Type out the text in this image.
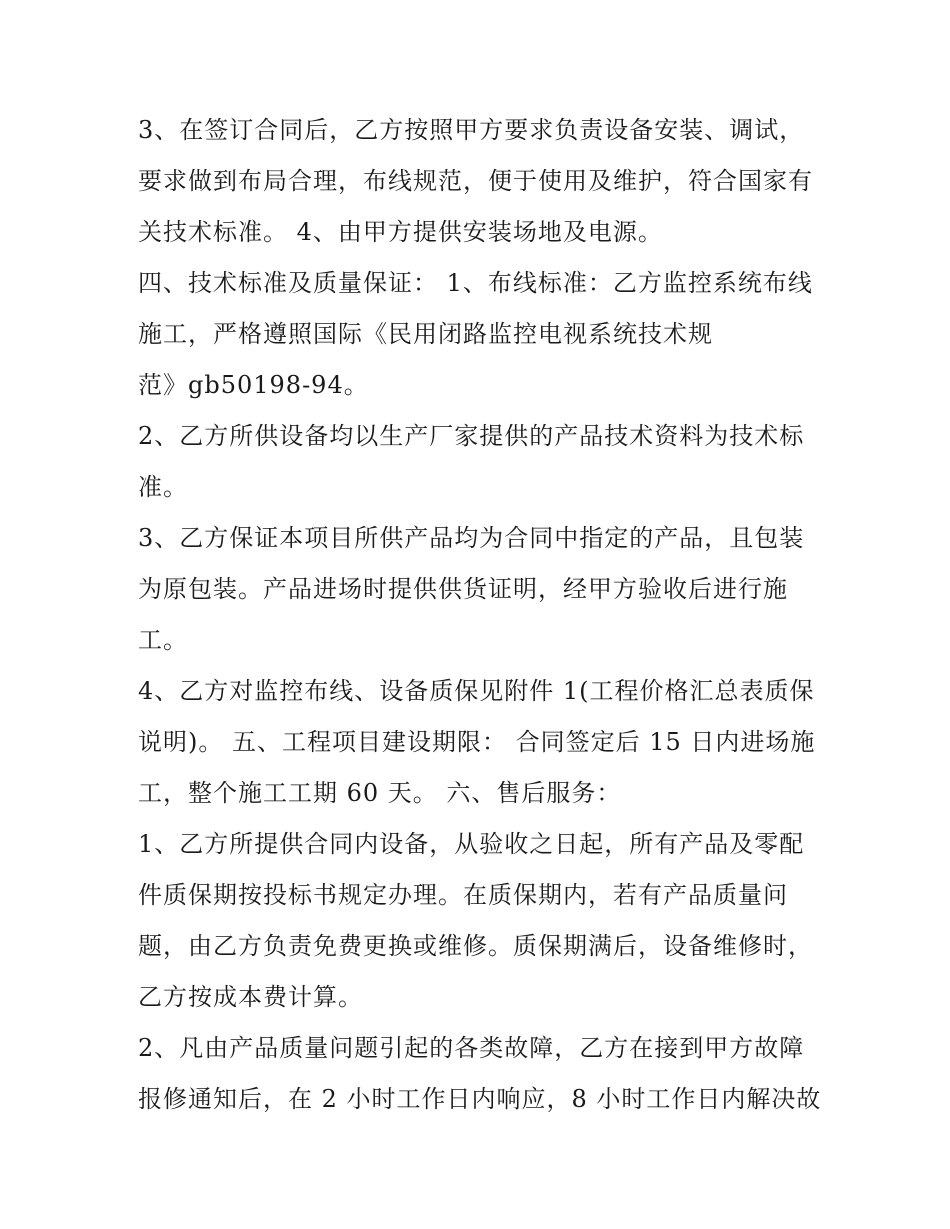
3、在签订合同后，乙方按照甲方要求负责设备安装、调试，

要求做到布局合理，布线规范，便于使用及维护，符合国家有

关技术标准。 4、由甲方提供安装场地及电源。

四、技术标准及质量保证： 1、布线标准：乙方监控系统布线

施工，严格遵照国际《民用闭路监控电视系统技术规

范》gb50198-94。

2、乙方所供设备均以生产厂家提供的产品技术资料为技术标

准。

3、乙方保证本项目所供产品均为合同中指定的产品，且包装

为原包装。产品进场时提供供货证明，经甲方验收后进行施

工。

4、乙方对监控布线、设备质保见附件 1(工程价格汇总表质保

说明)。 五、工程项目建设期限： 合同签定后 15 日内进场施

工，整个施工工期 60 天。 六、售后服务：

1、乙方所提供合同内设备，从验收之日起，所有产品及零配

件质保期按投标书规定办理。在质保期内，若有产品质量问

题，由乙方负责免费更换或维修。质保期满后，设备维修时，

乙方按成本费计算。

2、凡由产品质量问题引起的各类故障，乙方在接到甲方故障

报修通知后，在 2 小时工作日内响应，8 小时工作日内解决故
